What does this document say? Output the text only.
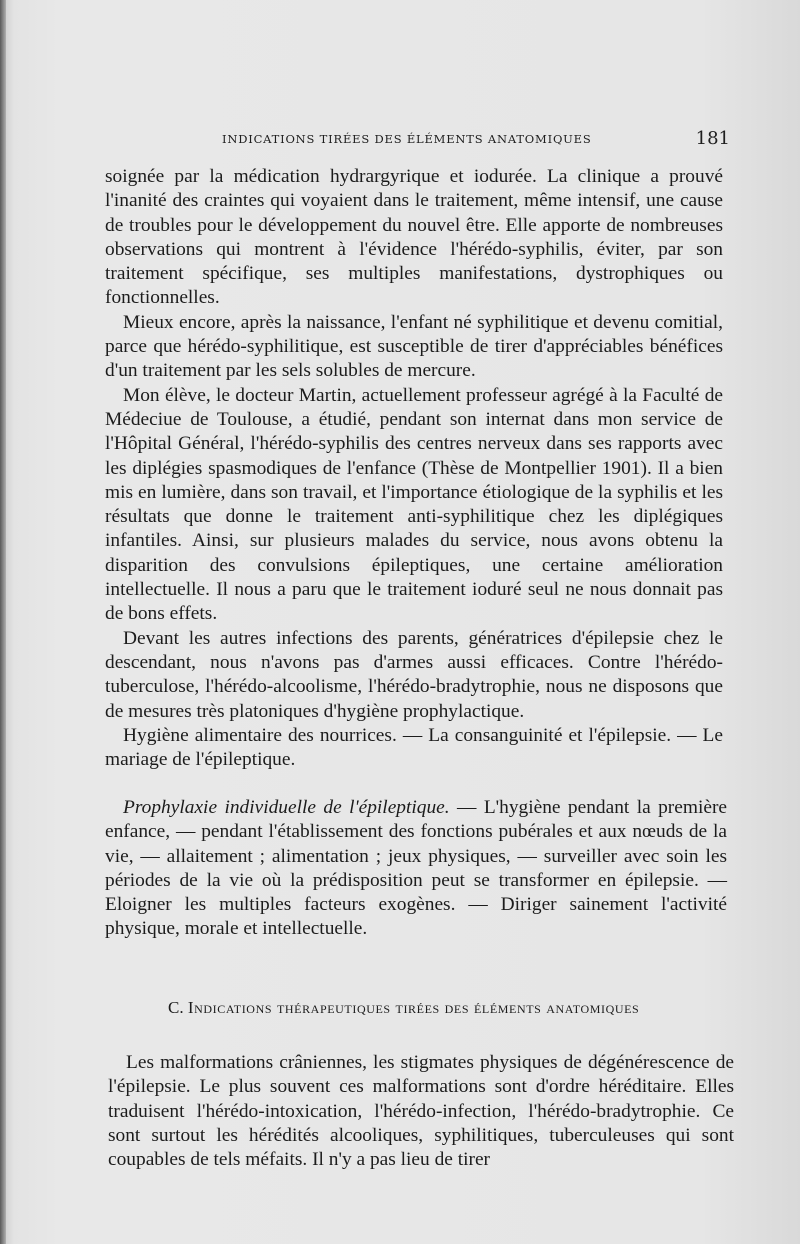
INDICATIONS TIRÉES DES ÉLÉMENTS ANATOMIQUES	181

soignée par la médication hydrargyrique et iodurée. La clinique a prouvé l'inanité des craintes qui voyaient dans le traitement, même intensif, une cause de troubles pour le développement du nouvel être. Elle apporte de nombreuses observations qui montrent à l'évidence l'hérédo-syphilis, éviter, par son traitement spécifique, ses multiples manifestations, dystrophiques ou fonctionnelles.

Mieux encore, après la naissance, l'enfant né syphilitique et devenu comitial, parce que hérédo-syphilitique, est susceptible de tirer d'appréciables bénéfices d'un traitement par les sels solubles de mercure.

Mon élève, le docteur Martin, actuellement professeur agrégé à la Faculté de Médeciue de Toulouse, a étudié, pendant son internat dans mon service de l'Hôpital Général, l'hérédo-syphilis des centres nerveux dans ses rapports avec les diplégies spasmodiques de l'enfance (Thèse de Montpellier 1901). Il a bien mis en lumière, dans son travail, et l'importance étiologique de la syphilis et les résultats que donne le traitement anti-syphilitique chez les diplégiques infantiles. Ainsi, sur plusieurs malades du service, nous avons obtenu la disparition des convulsions épileptiques, une certaine amélioration intellectuelle. Il nous a paru que le traitement ioduré seul ne nous donnait pas de bons effets.

Devant les autres infections des parents, génératrices d'épilepsie chez le descendant, nous n'avons pas d'armes aussi efficaces. Contre l'hérédo-tuberculose, l'hérédo-alcoolisme, l'hérédo-bradytrophie, nous ne disposons que de mesures très platoniques d'hygiène prophylactique.

Hygiène alimentaire des nourrices. — La consanguinité et l'épilepsie. — Le mariage de l'épileptique.

Prophylaxie individuelle de l'épileptique. — L'hygiène pendant la première enfance, — pendant l'établissement des fonctions pubérales et aux nœuds de la vie, — allaitement ; alimentation ; jeux physiques, — surveiller avec soin les périodes de la vie où la prédisposition peut se transformer en épilepsie. — Eloigner les multiples facteurs exogènes. — Diriger sainement l'activité physique, morale et intellectuelle.

C. Indications thérapeutiques tirées des éléments anatomiques

Les malformations crâniennes, les stigmates physiques de dégénérescence de l'épilepsie. Le plus souvent ces malformations sont d'ordre héréditaire. Elles traduisent l'hérédo-intoxication, l'hérédo-infection, l'hérédo-bradytrophie. Ce sont surtout les hérédités alcooliques, syphilitiques, tuberculeuses qui sont coupables de tels méfaits. Il n'y a pas lieu de tirer
